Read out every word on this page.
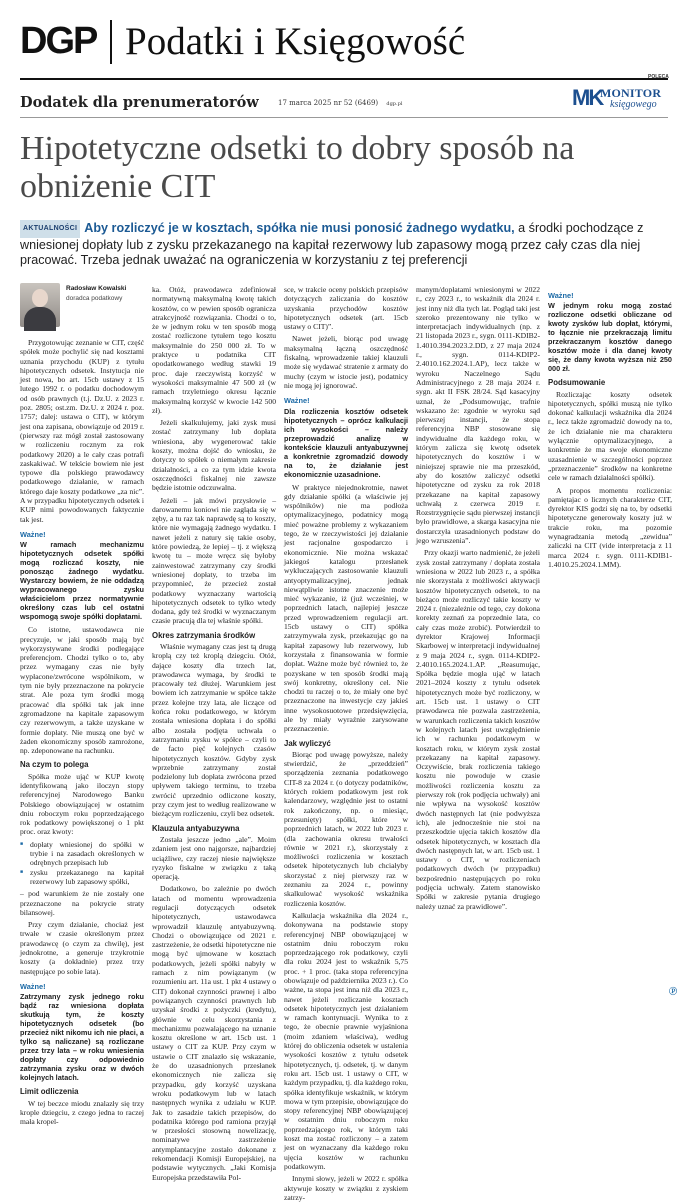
DGP Podatki i Księgowość
POLECA
Dodatek dla prenumeratorów	17 marca 2025 nr 52 (6469) dgp.pl	MK
MONITOR
księgowego
Hipotetyczne odsetki to dobry sposób na obniżenie CIT
AKTUALNOŚCI Aby rozliczyć je w kosztach, spółka nie musi ponosić żadnego wydatku, a środki pochodzące z wniesionej dopłaty lub z zysku przekazanego na kapitał rezerwowy lub zapasowy mogą przez cały czas dla niej pracować. Trzeba jednak uważać na ograniczenia w korzystaniu z tej preferencji
Radosław Kowalski
doradca podatkowy

Przygotowując zeznanie w CIT, część spółek może pochylić się nad kosztami uznania przychodu (KUP) z tytułu hipotetycznych odsetek. Instytucja nie jest nowa, bo art. 15cb ustawy z 15 lutego 1992 r. o podatku dochodowym od osób prawnych (t.j. Dz.U. z 2023 r. poz. 2805; ost.zm. Dz.U. z 2024 r. poz. 1757; dalej: ustawa o CIT), w którym jest ona zapisana, obowiązuje od 2019 r. (pierwszy raz mógł został zastosowany w rozliczeniu rocznym za rok podatkowy 2020) a le cały czas potrafi zaskakiwać. W tekście bowiem nie jest typowe dla polskiego prawodawcy podatkowego działanie, w ramach którego daje koszty podatkowe „za nic”. A w przypadku hipotetycznych odsetek i KUP nimi powodowanych faktycznie tak jest.

Ważne!
W ramach mechanizmu hipotetycznych odsetek spółki mogą rozliczać koszty, nie ponosząc żadnego wydatku. Wystarczy bowiem, że nie oddadzą wypracowanego zysku właścicielom przez normatywnie określony czas lub cel ostatni wspomogą swoje spółki dopłatami.

Co istotne, ustawodawca nie precyzuje, w jaki sposób mają być wykorzystywane środki podlegające preferencjom. Chodzi tylko o to, aby przez wymagany czas nie były wypłacone/zwrócone wspólnikom, w tym nie były przeznaczone na pokrycie strat. Ale poza tym środki mogą pracować dla spółki tak jak inne zgromadzone na kapitale zapasowym czy rezerwowym, a także uzyskane w formie dopłaty. Nie muszą one być w żaden ekonomiczny sposób zamrożone, np. zdeponowane na rachunku.

Na czym to polega

Spółka może ująć w KUP kwotę identyfikowaną jako iloczyn stopy referencyjnej Narodowego Banku Polskiego obowiązującej w ostatnim dniu roboczym roku poprzedzającego rok podatkowy powiększonej o 1 pkt proc. oraz kwoty:

■ dopłaty wniesionej do spółki w trybie i na zasadach określonych w odrębnych przepisach lub
■ zysku przekazanego na kapitał rezerwowy lub zapasowy spółki,

– pod warunkiem że nie zostały one przeznaczone na pokrycie straty bilansowej.

Przy czym działanie, chociaż jest trwałe w czasie określonym przez prawodawcę (o czym za chwilę), jest jednokrotne, a generuje trzykrotnie koszty (a dokładnie) przez trzy następujące po sobie lata).

Ważne!
Zatrzymany zysk jednego roku bądź raz wniesiona dopłata skutkują tym, że koszty hipotetycznych odsetek (bo przecież nikt nikomu ich nie płaci, a tylko są naliczane) są rozliczane przez trzy lata – w roku wniesienia dopłaty czy odpowiednio zatrzymania zysku oraz w dwóch kolejnych latach.
Limit odliczenia

W tej beczce miodu znalazły się trzy krople dziegciu, z czego jedna to raczej mała kropel-

ka. Otóż, prawodawca zdefiniował normatywną maksymalną kwotę takich kosztów, co w pewien sposób ogranicza atrakcyjność rozwiązania. Chodzi o to, że w jednym roku w ten sposób mogą zostać rozliczone tytułem tego kosztu maksymalnie do 250 000 zł. To w praktyce u podatnika CIT opodatkowanego według stawki 19 proc. daje rzeczywistą korzyść w wysokości maksymalnie 47 500 zł (w ramach trzyletniego okresu łącznie maksymalną korzyść w kwocie 142 500 zł).

Jeżeli skalkulujemy, jaki zysk musi zostać zatrzymany lub dopłata wniesiona, aby wygenerować takie koszty, można dojść do wniosku, że dotyczy to spółek o niemałym zakresie działalności, a co za tym idzie kwota oszczędności fiskalnej nie zawsze będzie istotnie odczuwalna.

Jeżeli – jak mówi przysłowie – darowanemu koniowi nie zagląda się w zęby, a tu raz tak naprawdę są to koszty, które nie wymagają żadnego wydatku. I nawet jeżeli z natury się takie osoby, które powiedzą, że lepiej – tj. z większą kwotę tu – może wręcz się byłoby zainwestować zatrzymany czy środki wniesionej dopłaty, to trzeba im przypomnieć, że przecież został podatkowy wyznaczany wartością hipotetycznych odsetek to tylko wtedy dodana, gdy też środki w wyznaczanym czasie pracują dla tej właśnie spółki.

Okres zatrzymania środków

Właśnie wymagany czas jest tą drugą kroplą czy też kroplą dziegciu. Otóż, dające koszty dla trzech lat, prawodawca wymaga, by środki te pracowały też dłużej. Warunkiem jest bowiem ich zatrzymanie w spółce także przez kolejne trzy lata, ale liczące od końca roku podatkowego, w którym została wniesiona dopłata i do spółki albo została podjęta uchwała o zatrzymaniu zysku w spółce – czyli to de facto pięć kolejnych czasów hipotetycznych kosztów. Gdyby zysk wprzebnie zatrzymany został podzielony lub dopłata zwrócona przed upływem takiego terminu, to trzeba zwrócić uprzednio odliczone koszty, przy czym jest to według realizowane w bieżącym rozliczeniu, czyli bez odsetek.

Klauzula antyabuzywna

Została jeszcze jedno „ale”. Moim zdaniem jest ono najgorsze, najbardziej uciążliwe, czy raczej niesie największe ryzyko fiskalne w związku z taką operacją.

Dodatkowo, bo zależnie po dwóch latach od momentu wprowadzenia regulacji dotyczących odsetek hipotetycznych, ustawodawca wprowadził klauzulę antyabuzywną. Chodzi o obowiązujące od 2021 r. zastrzeżenie, że odsetki hipotetyczne nie mogą być ujmowane w kosztach podatkowych, jeżeli spółki nabyły w ramach z nim powiązanym (w rozumieniu art. 11a ust. 1 pkt 4 ustawy o CIT) dokonał czynności prawnej i albo powiązanych czynności prawnych lub uzyskał środki z pożyczki (kredytu), głównie w celu skorzystania z mechanizmu pozwalającego na uznanie kosztu określone w art. 15cb ust. 1 ustawy o CIT za KUP. Przy czym w ustawie o CIT znalazło się wskazanie, że do uzasadnionych przesłanek ekonomicznych nie zalicza się przypadku, gdy korzyść uzyskana wroku podatkowym lub w latach następnych wynika z udziału w KUP. Jak to zasadzie takich przepisów, do podatnika którego pod ramiona przyjął w przesłości stosowną nowelizację, nominatywe zastrzeżenie antymplantacyjne zostało dokonane z rekomendacji Komisji Europejskiej, na podstawie wytycznych. „Jaki Komisja Europejska przedstawiła Pol-

sce, w trakcie oceny polskich przepisów dotyczących zaliczania do kosztów uzyskania przychodów kosztów hipotetycznych odsetek (art. 15cb ustawy o CIT)”.

Nawet jeżeli, biorąc pod uwagę maksymalną łączną oszczędność fiskalną, wprowadzenie takiej klauzuli może się wydawać stratenie z armaty do muchy (czym w istocie jest), podatnicy nie mogą jej ignorować.

Ważne!
Dla rozliczenia kosztów odsetek hipotetycznych – oprócz kalkulacji ich wysokości – należy przeprowadzić analizę w kontekście klauzuli antyabuzywnej a konkretnie zgromadzić dowody na to, że działanie jest ekonomicznie uzasadnione.

W praktyce niejednokrotnie, nawet gdy działanie spółki (a właściwie jej wspólników) nie ma podłoża optymalizacyjnego, podatnicy mogą mieć poważne problemy z wykazaniem tego, że w rzeczywistości jej działanie jest racjonalne gospodarczo i ekonomicznie. Nie można wskazać jakiegoś katalogu przesłanek wykluczających zastosowanie klauzuli antyoptymalizacyjnej, jednak niewątpliwie istotne znaczenie może mieć wykazanie, iż (już wcześniej, w poprzednich latach, najlepiej jeszcze przed wprowadzeniem regulacji art. 15cb ustawy o CIT) spółka zatrzymywała zysk, przekazując go na kapitał zapasowy lub rezerwowy, lub korzystała z finansowania w formie dopłat. Ważne może być również to, że pozyskane w ten sposób środki mają swój konkretny, określony cel. Nie chodzi tu raczej o to, że miały one być przeznaczone na inwestycje czy jakieś inne wysokosuotowe przedsięwzięcia, ale by miały wyraźnie zarysowane przeznaczenie.

Jak wyliczyć

Biorąc pod uwagę powyższe, należy stwierdzić, że „przeddzień” sporządzenia zeznania podatkowego CIT-8 za 2024 r. (o dotyczy podatników, których rokiem podatkowym jest rok kalendarzowy, względnie jest to ostatni rok zakończony, np. o miesiąc, przesunięty) spółki, które w poprzednich latach, w 2022 lub 2023 r. (dla zachowania okresu trwałości równie w 2021 r.), skorzystały z możliwości rozliczenia w kosztach odsetek hipotetycznych lub chciałyby skorzystać z niej pierwszy raz w zeznaniu za 2024 r., powinny skalkulować wysokość wskaźnika rozliczenia kosztów.

Kalkulacja wskaźnika dla 2024 r., dokonywana na podstawie stopy referencyjnej NBP obowiązującej w ostatnim dniu roboczym roku poprzedzającego rok podatkowy, czyli dla roku 2024 jest to wskaźnik 5,75 proc. + 1 proc. (taka stopa referencyjna obowiązuje od października 2023 r.). Co ważne, ta stopa jest inna niż dla 2023 r., nawet jeżeli rozliczanie kosztach odsetek hipotetycznych jest działaniem w ramach kontynuacji. Wynika to z tego, że obecnie prawnie wyjaśniona (moim zdaniem właściwa), według której do obliczenia odsetek w ustalenia wysokości kosztów z tytułu odsetek hipotetycznych, tj. odsetek, tj. w danym roku art. 15cb ust. 1 ustawy o CIT, w każdym przypadku, tj. dla każdego roku, spółka identyfikuje wskaźnik, w którym mowa w tym przepisie, obowiązujące do stopy referencyjnej NBP obowiązującej w ostatnim dniu roboczym roku poprzedzającego rok, w którym taki koszt ma zostać rozliczony – a zatem jest on wyznaczany dla każdego roku ujęcia kosztów w rachunku podatkowym.

Innymi słowy, jeżeli w 2022 r. spółka aktywuje koszty w związku z zyskiem zatrzy-

manym/dopłatami wniesionymi w 2022 r., czy 2023 r., to wskaźnik dla 2024 r. jest inny niż dla tych lat. Pogląd taki jest szeroko prezentowany nie tylko w interpretacjach indywidualnych (np. z 21 listopada 2023 r., sygn. 0111-KDIB2-1.4010.394.2023.2.DD, z 27 maja 2024 r., sygn. 0114-KDIP2-2.4010.162.2024.1.AP), lecz także w wyroku Naczelnego Sądu Administracyjnego z 28 maja 2024 r. sygn. akt II FSK 28/24. Sąd kasacyjny uznał, że „Podsumowując, trafnie wskazano że: zgodnie w wyroku sąd pierwszej instancji, że stopa referencyjna NBP stosowane się indywidualne dla każdego roku, w którym zalicza się kwotę odsetek hipotetycznych do kosztów i w niniejszej sprawie nie ma przeszkód, aby do kosztów zaliczyć odsetki hipotetyczne od zysku za rok 2018 przekazane na kapitał zapasowy uchwałą z czerwca 2019 r. Rozstrzygnięcie sądu pierwszej instancji było prawidłowe, a skarga kasacyjna nie dostarczyła uzasadnionych podstaw do jego wzruszenia”.

Przy okazji warto nadmienić, że jeżeli zysk został zatrzymany / dopłata została wniesiona w 2022 lub 2023 r., a spółka nie skorzystała z możliwości aktywacji kosztów hipotetycznych odsetek, to na bieżąco może rozliczyć takie koszty w 2024 r. (niezależnie od tego, czy dokona korekty zeznań za poprzednie lata, co cały czas może zrobić). Potwierdził to dyrektor Krajowej Informacji Skarbowej w interpretacji indywidualnej z 9 maja 2024 r., sygn. 0114-KDIP2-2.4010.165.2024.1.AP. „Reasumując, Spółka będzie mogła ująć w latach 2021–2024 koszty z tytułu odsetek hipotetycznych może być rozliczony, w art. 15cb ust. 1 ustawy o CIT prawodawca nie pozwala zastrzeżenia, w warunkach rozliczenia takich kosztów w kolejnych latach jest uwzględnienie ich w rachunku podatkowym w kosztach roku, w którym zysk został przekazany na kapitał zapasowy. Oczywiście, brak rozliczenia takiego kosztu nie powoduje w czasie możliwości rozliczenia kosztu za pierwszy rok (rok podjęcia uchwały) ani nie wpływa na wysokość kosztów dwóch następnych lat (nie podwyższa ich), ale jednocześnie nie stoi na przeszkodzie ujęcia takich kosztów dla odsetek hipotetycznych, w kosztach dla dwóch następnych lat, w art. 15cb ust. 1 ustawy o CIT, w rozliczeniach podatkowych dwóch (w przypadku) bezpośrednio następujących po roku podjęcia uchwały. Zatem stanowisko Spółki w zakresie pytania drugiego należy uznać za prawidłowe”.

Ważne!
W jednym roku mogą zostać rozliczone odsetki obliczane od kwoty zysków lub dopłat, którymi, to łącznie nie przekraczają limitu przekraczanym kosztów danego kosztów może i dla danej kwoty się, że dany kwota wyższa niż 250 000 zł.
Podsumowanie

Rozliczając koszty odsetek hipotetycznych, spółki muszą nie tylko dokonać kalkulacji wskaźnika dla 2024 r., lecz także zgromadzić dowody na to, że ich działanie nie ma charakteru wyłącznie optymalizacyjnego, a konkretnie że ma swoje ekonomiczne uzasadnienie w szczególności poprzez „przeznaczenie” środków na konkretne cele w ramach działalności spółki).

A propos momentu rozliczenia: pamiętajac o licznych charakterze CIT, dyrektor KIS godzi się na to, by odsetki hipotetyczne generowały koszty już w trakcie roku, ma pozomie wynagradzania metodą „zewidua” zaliczki na CIT (vide interpretacja z 11 marca 2024 r. sygn. 0111-KDIB1-1.4010.25.2024.1.MM).

Ⓟ
